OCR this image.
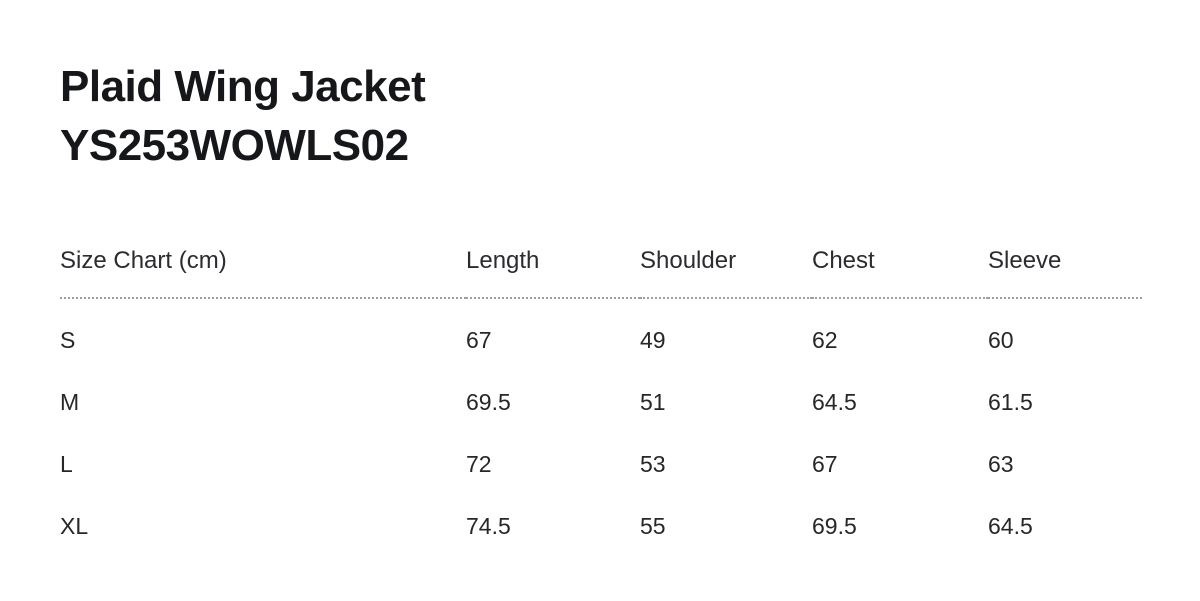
Plaid Wing Jacket
YS253WOWLS02
Size Chart (cm)	Length	Shoulder	Chest	Sleeve
S	67	49	62	60
M	69.5	51	64.5	61.5
L	72	53	67	63
XL	74.5	55	69.5	64.5
